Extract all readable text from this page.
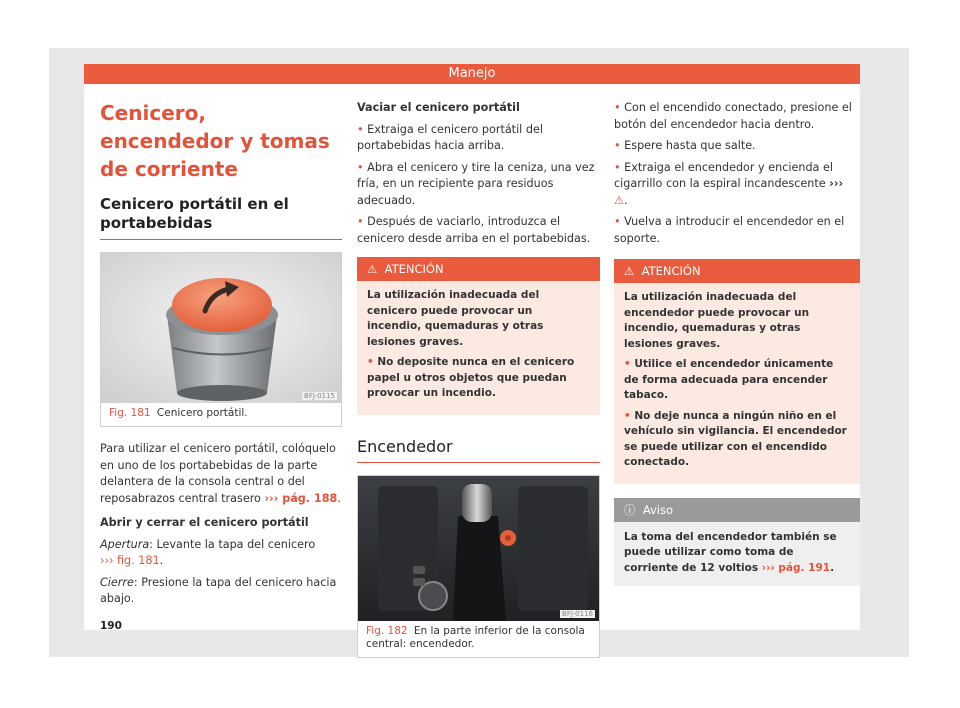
Manejo
Cenicero, encendedor y tomas de corriente
Cenicero portátil en el portabebidas
BFJ-0115
Fig. 181 Cenicero portátil.

Para utilizar el cenicero portátil, colóquelo en uno de los portabebidas de la parte delantera de la consola central o del reposabrazos central trasero ››› pág. 188.

Abrir y cerrar el cenicero portátil

Apertura: Levante la tapa del cenicero
››› fig. 181.

Cierre: Presione la tapa del cenicero hacia abajo.

Vaciar el cenicero portátil

• Extraiga el cenicero portátil del portabebidas hacia arriba.

• Abra el cenicero y tire la ceniza, una vez fría, en un recipiente para residuos adecuado.

• Después de vaciarlo, introduzca el cenicero desde arriba en el portabebidas.

⚠ ATENCIÓN

La utilización inadecuada del cenicero puede provocar un incendio, quemaduras y otras lesiones graves.

• No deposite nunca en el cenicero papel u otros objetos que puedan provocar un incendio.

Encendedor
BFJ-0116
Fig. 182 En la parte inferior de la consola central: encendedor.

• Con el encendido conectado, presione el botón del encendedor hacia dentro.

• Espere hasta que salte.

• Extraiga el encendedor y encienda el cigarrillo con la espiral incandescente ››› ⚠.

• Vuelva a introducir el encendedor en el soporte.

⚠ ATENCIÓN

La utilización inadecuada del encendedor puede provocar un incendio, quemaduras y otras lesiones graves.

• Utilice el encendedor únicamente de forma adecuada para encender tabaco.

• No deje nunca a ningún niño en el vehículo sin vigilancia. El encendedor se puede utilizar con el encendido conectado.

ⓘ Aviso
La toma del encendedor también se puede utilizar como toma de corriente de 12 voltios ››› pág. 191.
190
